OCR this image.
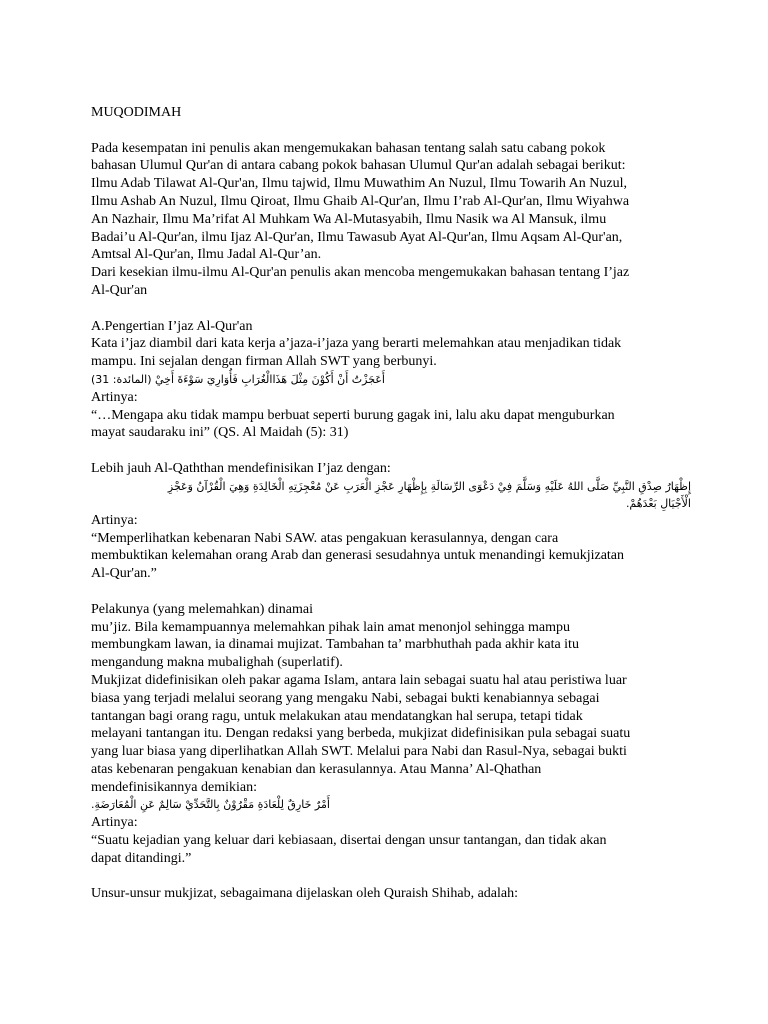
MUQODIMAH
Pada kesempatan ini penulis akan mengemukakan bahasan tentang salah satu cabang pokok
bahasan Ulumul Qur'an di antara cabang pokok bahasan Ulumul Qur'an adalah sebagai berikut:
Ilmu Adab Tilawat Al-Qur'an, Ilmu tajwid, Ilmu Muwathim An Nuzul, Ilmu Towarih An Nuzul,
Ilmu Ashab An Nuzul, Ilmu Qiroat, Ilmu Ghaib Al-Qur'an, Ilmu I’rab Al-Qur'an, Ilmu Wiyahwa
An Nazhair, Ilmu Ma’rifat Al Muhkam Wa Al-Mutasyabih, Ilmu Nasik wa Al Mansuk, ilmu
Badai’u Al-Qur'an, ilmu Ijaz Al-Qur'an, Ilmu Tawasub Ayat Al-Qur'an, Ilmu Aqsam Al-Qur'an,
Amtsal Al-Qur'an, Ilmu Jadal Al-Qur’an.
Dari kesekian ilmu-ilmu Al-Qur'an penulis akan mencoba mengemukakan bahasan tentang I’jaz
Al-Qur'an
A.Pengertian I’jaz Al-Qur'an
Kata i’jaz diambil dari kata kerja a’jaza-i’jaza yang berarti melemahkan atau menjadikan tidak
mampu. Ini sejalan dengan firman Allah SWT yang berbunyi.
أَعَجَزْتُ أَنْ أَكُوْنَ مِثْلَ هَذَاالْغُرَابِ فَأُوَارِيَ سَوْءَةَ أَخِيْ (المائدة: 31)
Artinya:
“…Mengapa aku tidak mampu berbuat seperti burung gagak ini, lalu aku dapat menguburkan
mayat saudaraku ini” (QS. Al Maidah (5): 31)
Lebih jauh Al-Qaththan mendefinisikan I’jaz dengan:
إِظْهَارُ صِدْقِ النَّبِيِّ صَلَّى اللهُ عَلَيْهِ وَسَلَّمَ فِيْ دَعْوَى الرِّسَالَةِ بِإِظْهَارِ عَجْزِ الْعَرَبِ عَنْ مُعْجِزَتِهِ الْخَالِدَةِ وَهِيَ الْقُرْآنُ وَعَجْزِ
الْأَجْيَالِ بَعْدَهُمْ.
Artinya:
“Memperlihatkan kebenaran Nabi SAW. atas pengakuan kerasulannya, dengan cara
membuktikan kelemahan orang Arab dan generasi sesudahnya untuk menandingi kemukjizatan
Al-Qur'an.”
Pelakunya (yang melemahkan) dinamai
mu’jiz. Bila kemampuannya melemahkan pihak lain amat menonjol sehingga mampu
membungkam lawan, ia dinamai mujizat. Tambahan ta’ marbhuthah pada akhir kata itu
mengandung makna mubalighah (superlatif).
Mukjizat didefinisikan oleh pakar agama Islam, antara lain sebagai suatu hal atau peristiwa luar
biasa yang terjadi melalui seorang yang mengaku Nabi, sebagai bukti kenabiannya sebagai
tantangan bagi orang ragu, untuk melakukan atau mendatangkan hal serupa, tetapi tidak
melayani tantangan itu. Dengan redaksi yang berbeda, mukjizat didefinisikan pula sebagai suatu
yang luar biasa yang diperlihatkan Allah SWT. Melalui para Nabi dan Rasul-Nya, sebagai bukti
atas kebenaran pengakuan kenabian dan kerasulannya. Atau Manna’ Al-Qhathan
mendefinisikannya demikian:
أَمْرٌ خَارِقٌ لِلْعَادَةِ مَقْرُوْنٌ بِالتَّحَدِّيْ سَالِمٌ عَنِ الْمُعَارَضَةِ.
Artinya:
“Suatu kejadian yang keluar dari kebiasaan, disertai dengan unsur tantangan, dan tidak akan
dapat ditandingi.”
Unsur-unsur mukjizat, sebagaimana dijelaskan oleh Quraish Shihab, adalah:
